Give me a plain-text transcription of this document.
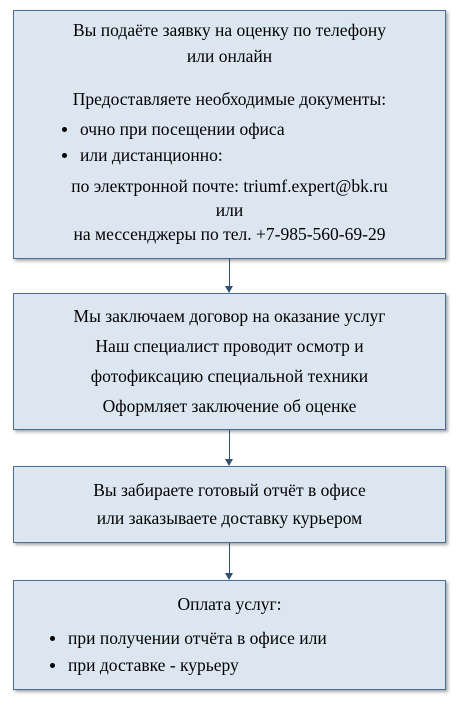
Вы подаёте заявку на оценку по телефону
или онлайн
Предоставляете необходимые документы:
очно при посещении офиса
или дистанционно:
по электронной почте: triumf.expert@bk.ru
или
на мессенджеры по тел. +7-985-560-69-29
Мы заключаем договор на оказание услуг
Наш специалист проводит осмотр и
фотофиксацию специальной техники
Оформляет заключение об оценке
Вы забираете готовый отчёт в офисе
или заказываете доставку курьером
Оплата услуг:
при получении отчёта в офисе или
при доставке - курьеру
